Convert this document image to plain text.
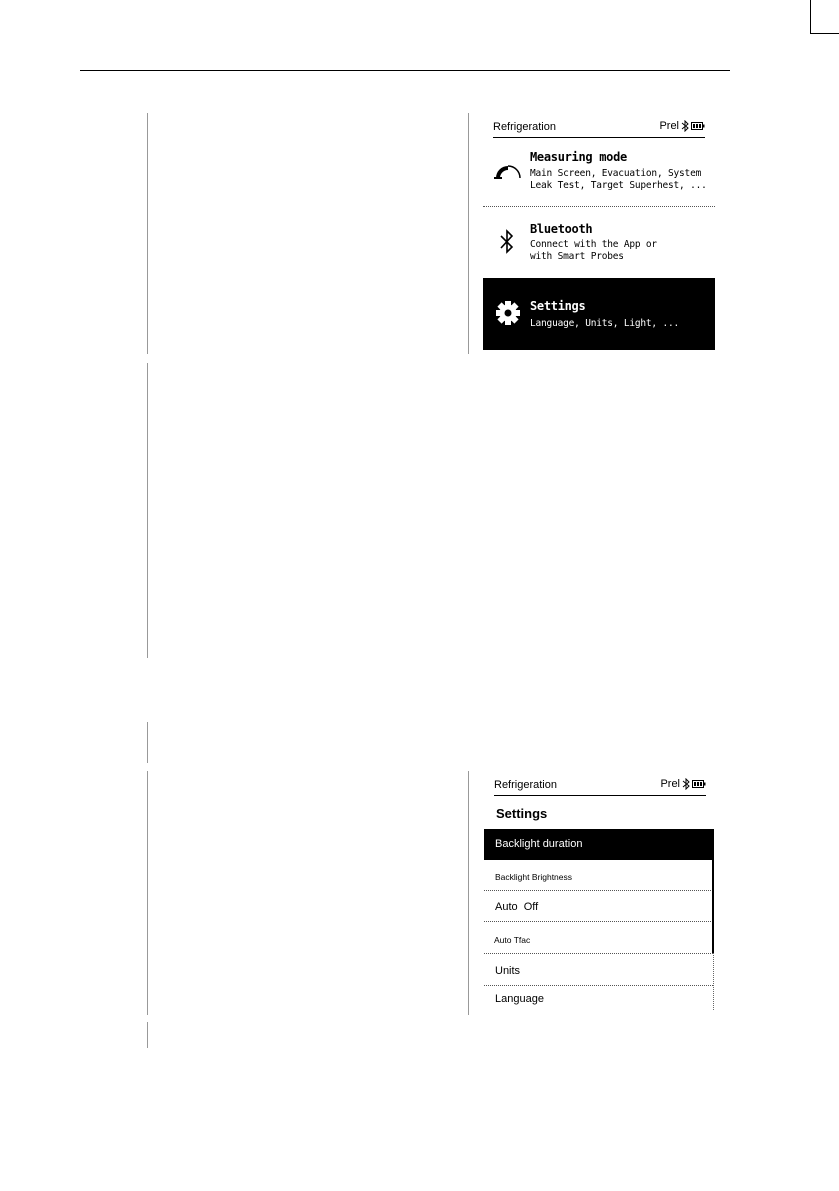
Refrigeration	Prel
Measuring mode
Main Screen, Evacuation, System
Leak Test, Target Superhest, ...
Bluetooth
Connect with the App or
with Smart Probes
Settings
Language, Units, Light, ...
Refrigeration	Prel
Settings
Backlight duration
Backlight Brightness
Auto  Off
Auto Tfac
Units
Language
